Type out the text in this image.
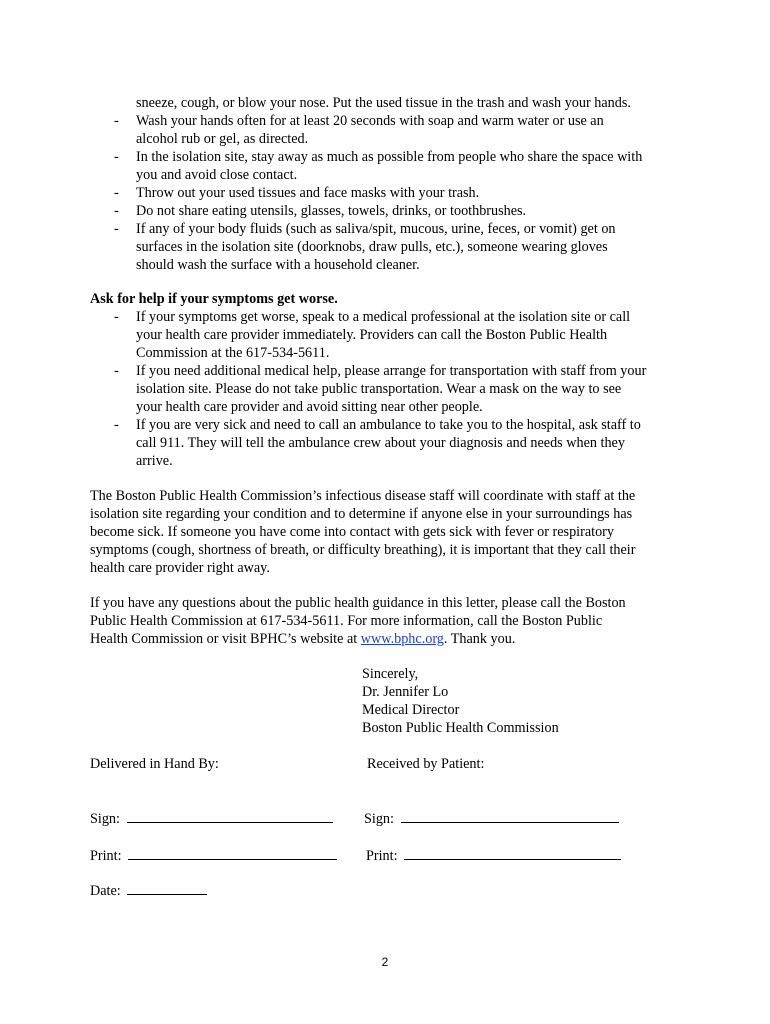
sneeze, cough, or blow your nose. Put the used tissue in the trash and wash your hands.
- Wash your hands often for at least 20 seconds with soap and warm water or use an
alcohol rub or gel, as directed.
- In the isolation site, stay away as much as possible from people who share the space with
you and avoid close contact.
- Throw out your used tissues and face masks with your trash.
- Do not share eating utensils, glasses, towels, drinks, or toothbrushes.
- If any of your body fluids (such as saliva/spit, mucous, urine, feces, or vomit) get on
surfaces in the isolation site (doorknobs, draw pulls, etc.), someone wearing gloves
should wash the surface with a household cleaner.
Ask for help if your symptoms get worse.
- If your symptoms get worse, speak to a medical professional at the isolation site or call
your health care provider immediately. Providers can call the Boston Public Health
Commission at the 617-534-5611.
- If you need additional medical help, please arrange for transportation with staff from your
isolation site. Please do not take public transportation. Wear a mask on the way to see
your health care provider and avoid sitting near other people.
- If you are very sick and need to call an ambulance to take you to the hospital, ask staff to
call 911. They will tell the ambulance crew about your diagnosis and needs when they
arrive.
The Boston Public Health Commission’s infectious disease staff will coordinate with staff at the
isolation site regarding your condition and to determine if anyone else in your surroundings has
become sick. If someone you have come into contact with gets sick with fever or respiratory
symptoms (cough, shortness of breath, or difficulty breathing), it is important that they call their
health care provider right away.
If you have any questions about the public health guidance in this letter, please call the Boston
Public Health Commission at 617-534-5611. For more information, call the Boston Public
Health Commission or visit BPHC’s website at www.bphc.org. Thank you.
Sincerely,
Dr. Jennifer Lo
Medical Director
Boston Public Health Commission
Delivered in Hand By:	Received by Patient:
Sign:	Sign:
Print:	Print:
Date:
2
